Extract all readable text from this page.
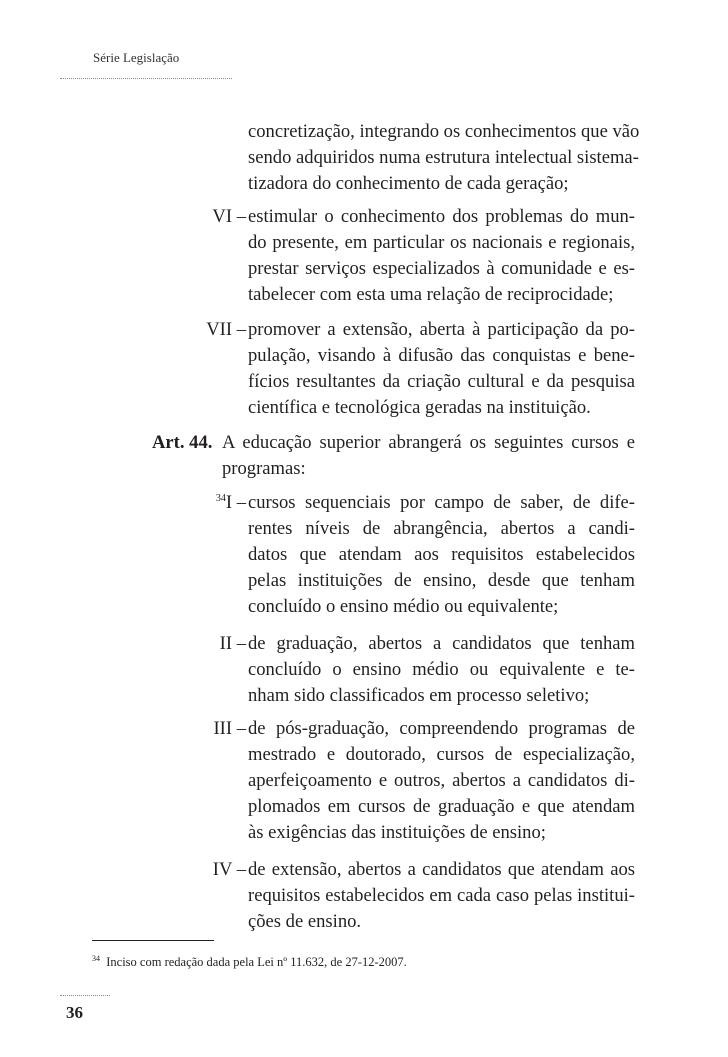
Série Legislação
concretização, integrando os conhecimentos que vão
sendo adquiridos numa estrutura intelectual sistema-
tizadora do conhecimento de cada geração;
VI – estimular o conhecimento dos problemas do mun-
do presente, em particular os nacionais e regionais,
prestar serviços especializados à comunidade e es-
tabelecer com esta uma relação de reciprocidade;
VII – promover a extensão, aberta à participação da po-
pulação, visando à difusão das conquistas e bene-
fícios resultantes da criação cultural e da pesquisa
científica e tecnológica geradas na instituição.
Art. 44. A educação superior abrangerá os seguintes cursos e
programas:
$^{34}$I – cursos sequenciais por campo de saber, de dife-
rentes níveis de abrangência, abertos a candi-
datos que atendam aos requisitos estabelecidos
pelas instituições de ensino, desde que tenham
concluído o ensino médio ou equivalente;
II – de graduação, abertos a candidatos que tenham
concluído o ensino médio ou equivalente e te-
nham sido classificados em processo seletivo;
III – de pós-graduação, compreendendo programas de
mestrado e doutorado, cursos de especialização,
aperfeiçoamento e outros, abertos a candidatos di-
plomados em cursos de graduação e que atendam
às exigências das instituições de ensino;
IV – de extensão, abertos a candidatos que atendam aos
requisitos estabelecidos em cada caso pelas institui-
ções de ensino.
$^{34}$ Inciso com redação dada pela Lei nº 11.632, de 27-12-2007.
36
